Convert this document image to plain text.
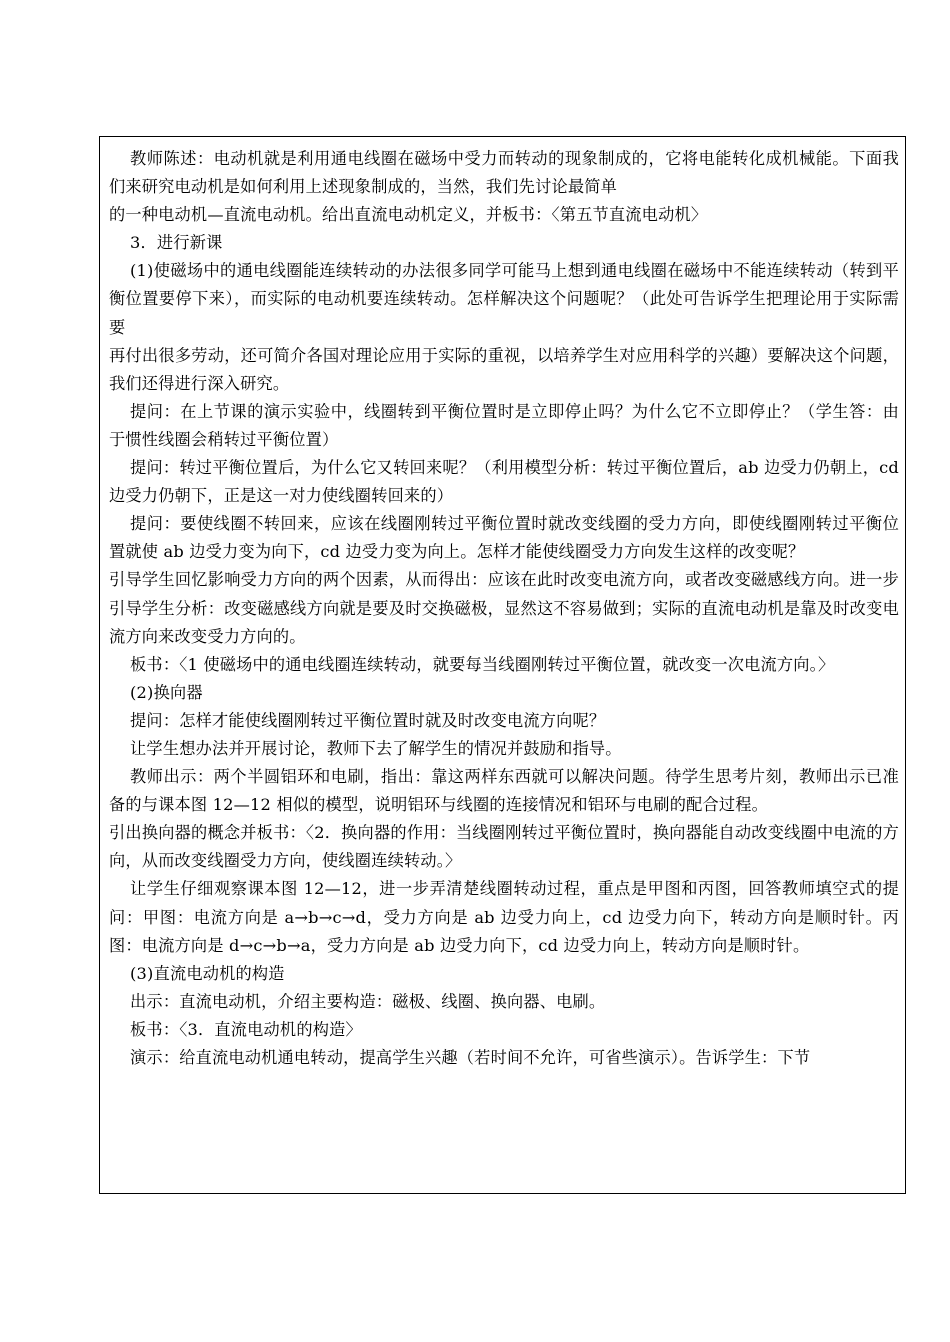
教师陈述：电动机就是利用通电线圈在磁场中受力而转动的现象制成的，它将电能转化成机械能。下面我们来研究电动机是如何利用上述现象制成的，当然，我们先讨论最简单

的一种电动机—直流电动机。给出直流电动机定义，并板书：〈第五节直流电动机〉

3．进行新课

(1)使磁场中的通电线圈能连续转动的办法很多同学可能马上想到通电线圈在磁场中不能连续转动（转到平衡位置要停下来），而实际的电动机要连续转动。怎样解决这个问题呢？（此处可告诉学生把理论用于实际需要

再付出很多劳动，还可简介各国对理论应用于实际的重视，以培养学生对应用科学的兴趣）要解决这个问题，我们还得进行深入研究。

提问：在上节课的演示实验中，线圈转到平衡位置时是立即停止吗？为什么它不立即停止？（学生答：由于惯性线圈会稍转过平衡位置）

提问：转过平衡位置后，为什么它又转回来呢？（利用模型分析：转过平衡位置后，ab 边受力仍朝上，cd 边受力仍朝下，正是这一对力使线圈转回来的）

提问：要使线圈不转回来，应该在线圈刚转过平衡位置时就改变线圈的受力方向，即使线圈刚转过平衡位置就使 ab 边受力变为向下，cd 边受力变为向上。怎样才能使线圈受力方向发生这样的改变呢？

引导学生回忆影响受力方向的两个因素，从而得出：应该在此时改变电流方向，或者改变磁感线方向。进一步引导学生分析：改变磁感线方向就是要及时交换磁极，显然这不容易做到；实际的直流电动机是靠及时改变电流方向来改变受力方向的。

板书：〈1 使磁场中的通电线圈连续转动，就要每当线圈刚转过平衡位置，就改变一次电流方向。〉

(2)换向器

提问：怎样才能使线圈刚转过平衡位置时就及时改变电流方向呢？

让学生想办法并开展讨论，教师下去了解学生的情况并鼓励和指导。

教师出示：两个半圆铝环和电刷，指出：靠这两样东西就可以解决问题。待学生思考片刻，教师出示已准备的与课本图 12—12 相似的模型，说明铝环与线圈的连接情况和铝环与电刷的配合过程。

引出换向器的概念并板书：〈2．换向器的作用：当线圈刚转过平衡位置时，换向器能自动改变线圈中电流的方向，从而改变线圈受力方向，使线圈连续转动。〉

让学生仔细观察课本图 12—12，进一步弄清楚线圈转动过程，重点是甲图和丙图，回答教师填空式的提问：甲图：电流方向是 a→b→c→d，受力方向是 ab 边受力向上，cd 边受力向下，转动方向是顺时针。丙图：电流方向是 d→c→b→a，受力方向是 ab 边受力向下，cd 边受力向上，转动方向是顺时针。

(3)直流电动机的构造

出示：直流电动机，介绍主要构造：磁极、线圈、换向器、电刷。

板书：〈3．直流电动机的构造〉

演示：给直流电动机通电转动，提高学生兴趣（若时间不允许，可省些演示）。告诉学生：下节
